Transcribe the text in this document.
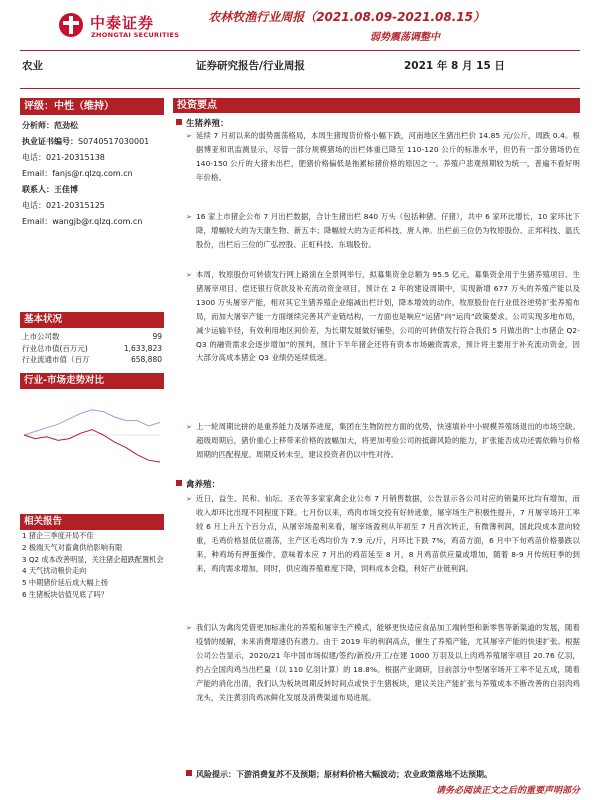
中泰证券
ZHONGTAI SECURITIES
农林牧渔行业周报（2021.08.09-2021.08.15）
弱势震荡调整中
农业	证券研究报告/行业周报	2021 年 8 月 15 日
评级：中性（维持）
分析师：范劲松
执业证书编号：S0740517030001
电话：021-20315138
Email：fanjs@r.qlzq.com.cn
联系人：王佳博
电话：021-20315125
Email：wangjb@r.qlzq.com.cn
基本状况
上市公司数	99
行业总市值(百万元)	1,633,823
行业流通市值（百万	658,880
行业-市场走势对比
相关报告
1 猪企三季度开局不佳
2 极端天气对畜禽供给影响有限
3 Q2 成本改善明显，关注猪企超跌配置机会
4 天气扰动粮价走向
5 中期猪价延后成大幅上扬
6 生猪板块估值见底了吗？
投资要点
生猪养殖：
➢ 延续 7 月初以来的弱势震荡格局，本周生猪现货价格小幅下跌，河南地区生猪出栏价 14.85 元/公斤，周跌 0.4。根据博亚和讯监测显示，尽管一部分规模猪场的出栏体重已降至 110-120 公斤的标准水平，但仍有一部分猪场仍在 140-150 公斤的大猪未出栏，肥猪价格偏低是拖累标猪价格的原因之一。养殖户悲观预期较为统一，普遍不看好明年价格。
➢ 16 家上市猪企公布 7 月出栏数据，合计生猪出栏 840 万头（包括种猪、仔猪），共中 6 家环比增长，10 家环比下降，增幅较大的为天康生物、新五丰；降幅较大的为正邦科技、唐人神。出栏前三位仍为牧原股份、正邦科技、温氏股份，出栏后三位的广弘控股、正虹科技、东瑞股份。
➢ 本周，牧原股份可转债发行网上路演在全景网举行，拟募集资金总额为 95.5 亿元，募集资金用于生猪养殖项目、生猪屠宰项目、偿还银行贷款及补充流动资金项目，预计在 2 年的建设周期中，实现新增 677 万头的养殖产能以及 1300 万头屠宰产能，相对其它生猪养殖企业缩减出栏计划，降本增效的动作，牧原股份在行业低谷逆势扩张养殖布局，而加大屠宰产能一方面继续完善其产业链结构，一方面也是响应“运猪”向“运肉”政策要求。公司实现多地布局，减少运输半径，有效利用地区间价差，为长期发展做好铺垫，公司的可转债发行符合我们 5 月做出的“上市猪企 Q2-Q3 的融资需求会逐步增加”的预判，预计下半年猪企还将有资本市场融资需求，预计将主要用于补充流动资金，因大部分高成本猪企 Q3 业绩仍延续低迷。
➢ 上一轮周期比拼的是重养能力及屠养进度，集团在生物防控方面的优势，快速填补中小规模养殖场退出的市场空缺。超级周期后，猪价重心上移带来价格的波幅加大，将更加考验公司的抵御风险的能力，扩张能否成功还需依赖与价格周期的匹配程度。周期反转未至，建议投资者仍以中性对待。
禽养殖：
➢ 近日，益生、民和、仙坛、圣农等多家家禽企业公布 7 月销售数据，公告显示各公司对应的销量环比均有增加，而收入却环比出现不同程度下降。七月份以来，鸡肉市场交投有好转迹象，屠宰场生产积极性提升，7 月屠宰场开工率较 6 月上升五个百分点，从屠宰场盈利来看，屠宰场盈利从年初至 7 月首次转正，有微薄利润，国此段成本意向较重，毛鸡价格显低位震荡，主产区毛鸡均价为 7.9 元/斤，月环比下跌 7%，鸡苗方面，6 月中下旬鸡苗价格暴跌以来，种鸡场有押蛋操作，意味着本应 7 月出的鸡苗延至 8 月，8 月鸡苗供应量或增加，随着 8-9 月传统旺季的到来，鸡肉需求增加，同时，供应端养殖难度下降，饲料成本会稳，利好产业链利润。
➢ 我们认为禽肉凭借更加标准化的养殖和屠宰生产模式，能够更快适应食品加工端转型和新零售等新渠道的发展，随着疫情的缓解，未来消费增速仍有潜力。由于 2019 年的利润高点，催生了养殖产能，尤其屠宰产能的快速扩张。根据公司公告显示，2020/21 年中国市场拟建/签约/新投/开工/在建 1000 万羽及以上肉鸡养殖屠宰项目 20.76 亿羽，约占全国肉鸡当出栏量（以 110 亿羽计算）的 18.8%。根据产业调研，目前部分中型屠宰场开工率不足五成，随着产能的消化出清，我们认为板块周期反转时间点或快于生猪板块，建议关注产能扩张与养殖成本不断改善的白羽肉鸡龙头，关注黄羽肉鸡冰鲜化发展及消费渠道布局进展。
风险提示：下游消费复苏不及预期；原材料价格大幅波动；农业政策落地不达预期。
请务必阅读正文之后的重要声明部分
